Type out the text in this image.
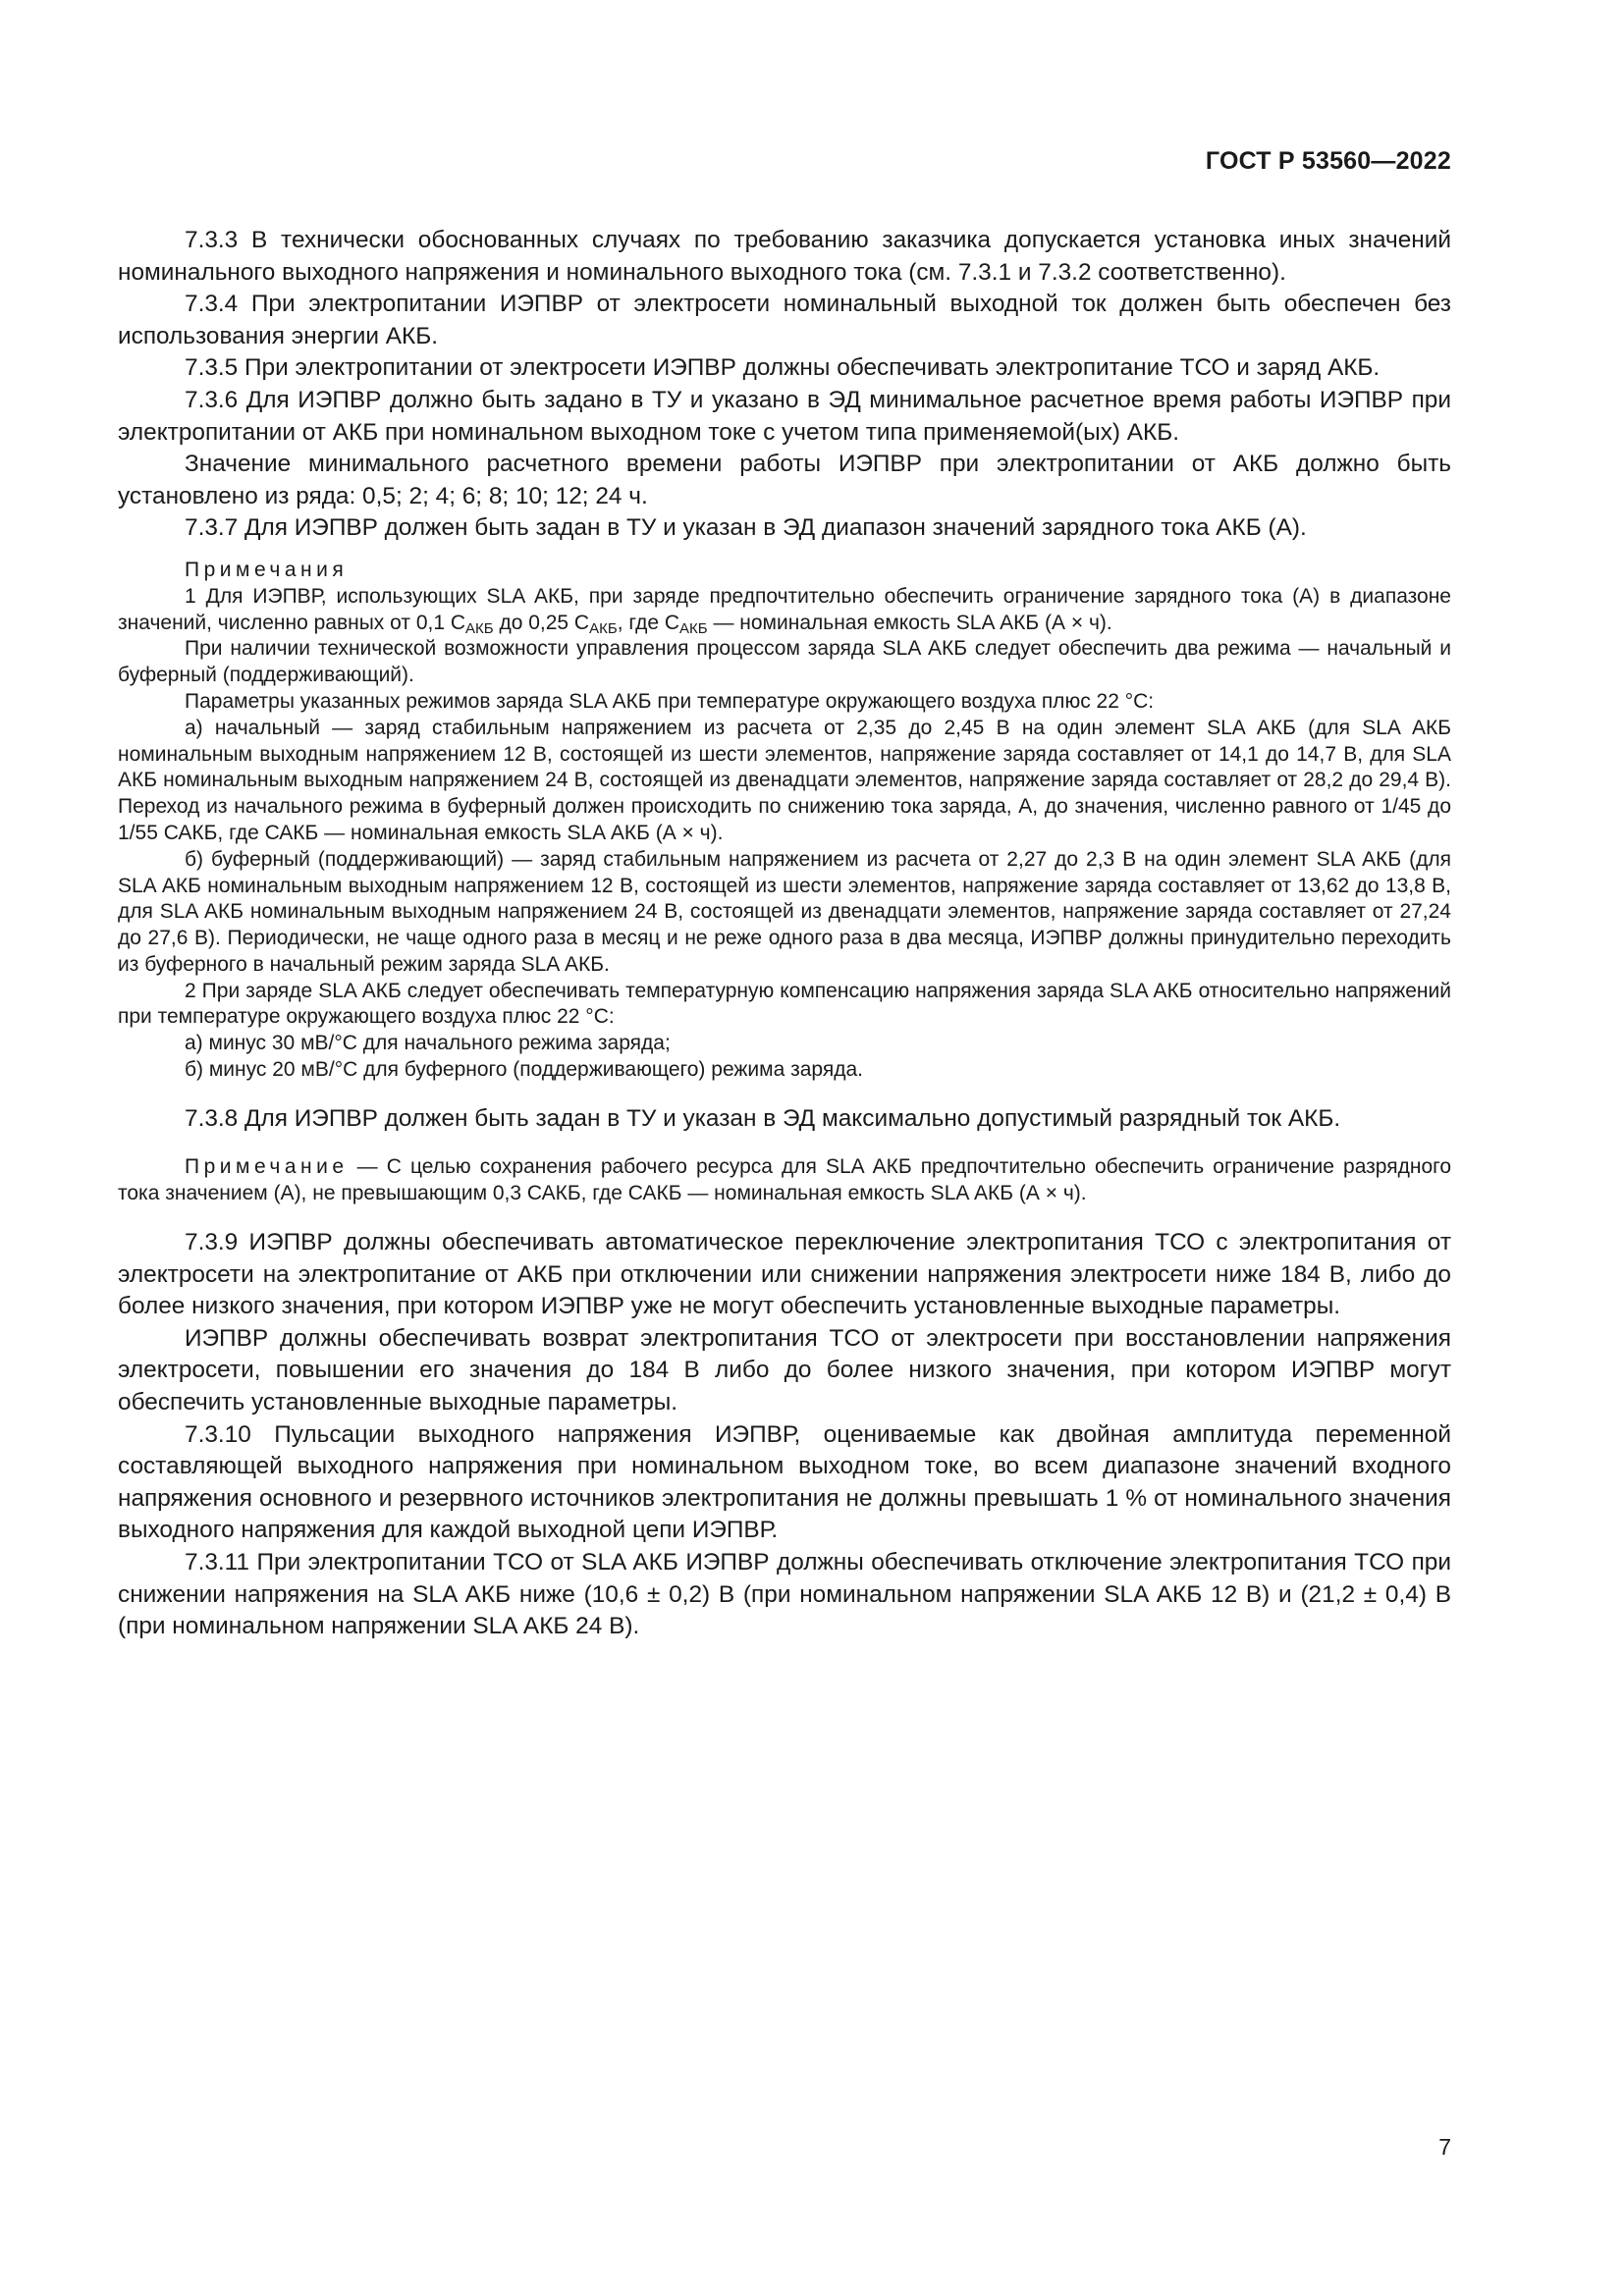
ГОСТ Р 53560—2022

7.3.3 В технически обоснованных случаях по требованию заказчика допускается установка иных значений номинального выходного напряжения и номинального выходного тока (см. 7.3.1 и 7.3.2 соответственно).

7.3.4 При электропитании ИЭПВР от электросети номинальный выходной ток должен быть обеспечен без использования энергии АКБ.

7.3.5 При электропитании от электросети ИЭПВР должны обеспечивать электропитание ТСО и заряд АКБ.

7.3.6 Для ИЭПВР должно быть задано в ТУ и указано в ЭД минимальное расчетное время работы ИЭПВР при электропитании от АКБ при номинальном выходном токе с учетом типа применяемой(ых) АКБ.

Значение минимального расчетного времени работы ИЭПВР при электропитании от АКБ должно быть установлено из ряда: 0,5; 2; 4; 6; 8; 10; 12; 24 ч.

7.3.7 Для ИЭПВР должен быть задан в ТУ и указан в ЭД диапазон значений зарядного тока АКБ (А).

Примечания

1 Для ИЭПВР, использующих SLA АКБ, при заряде предпочтительно обеспечить ограничение зарядного тока (А) в диапазоне значений, численно равных от 0,1 $С_{АКБ}$ до 0,25 $С_{АКБ}$, где $С_{АКБ}$ — номинальная емкость SLA АКБ (А × ч).

При наличии технической возможности управления процессом заряда SLA АКБ следует обеспечить два режима — начальный и буферный (поддерживающий).

Параметры указанных режимов заряда SLA АКБ при температуре окружающего воздуха плюс 22 °С:

а) начальный — заряд стабильным напряжением из расчета от 2,35 до 2,45 В на один элемент SLA АКБ (для SLA АКБ номинальным выходным напряжением 12 В, состоящей из шести элементов, напряжение заряда составляет от 14,1 до 14,7 В, для SLA АКБ номинальным выходным напряжением 24 В, состоящей из двенадцати элементов, напряжение заряда составляет от 28,2 до 29,4 В). Переход из начального режима в буферный должен происходить по снижению тока заряда, А, до значения, численно равного от 1/45 до 1/55 САКБ, где САКБ — номинальная емкость SLA АКБ (А × ч).

б) буферный (поддерживающий) — заряд стабильным напряжением из расчета от 2,27 до 2,3 В на один элемент SLA АКБ (для SLA АКБ номинальным выходным напряжением 12 В, состоящей из шести элементов, напряжение заряда составляет от 13,62 до 13,8 В, для SLA АКБ номинальным выходным напряжением 24 В, состоящей из двенадцати элементов, напряжение заряда составляет от 27,24 до 27,6 В). Периодически, не чаще одного раза в месяц и не реже одного раза в два месяца, ИЭПВР должны принудительно переходить из буферного в начальный режим заряда SLA АКБ.

2 При заряде SLA АКБ следует обеспечивать температурную компенсацию напряжения заряда SLA АКБ относительно напряжений при температуре окружающего воздуха плюс 22 °С:

а) минус 30 мВ/°С для начального режима заряда;

б) минус 20 мВ/°С для буферного (поддерживающего) режима заряда.

7.3.8 Для ИЭПВР должен быть задан в ТУ и указан в ЭД максимально допустимый разрядный ток АКБ.

Примечание — С целью сохранения рабочего ресурса для SLA АКБ предпочтительно обеспечить ограничение разрядного тока значением (А), не превышающим 0,3 САКБ, где САКБ — номинальная емкость SLA АКБ (А × ч).

7.3.9 ИЭПВР должны обеспечивать автоматическое переключение электропитания ТСО с электропитания от электросети на электропитание от АКБ при отключении или снижении напряжения электросети ниже 184 В, либо до более низкого значения, при котором ИЭПВР уже не могут обеспечить установленные выходные параметры.

ИЭПВР должны обеспечивать возврат электропитания ТСО от электросети при восстановлении напряжения электросети, повышении его значения до 184 В либо до более низкого значения, при котором ИЭПВР могут обеспечить установленные выходные параметры.

7.3.10 Пульсации выходного напряжения ИЭПВР, оцениваемые как двойная амплитуда переменной составляющей выходного напряжения при номинальном выходном токе, во всем диапазоне значений входного напряжения основного и резервного источников электропитания не должны превышать 1 % от номинального значения выходного напряжения для каждой выходной цепи ИЭПВР.

7.3.11 При электропитании ТСО от SLA АКБ ИЭПВР должны обеспечивать отключение электропитания ТСО при снижении напряжения на SLA АКБ ниже (10,6 ± 0,2) В (при номинальном напряжении SLA АКБ 12 В) и (21,2 ± 0,4) В (при номинальном напряжении SLA АКБ 24 В).

7
